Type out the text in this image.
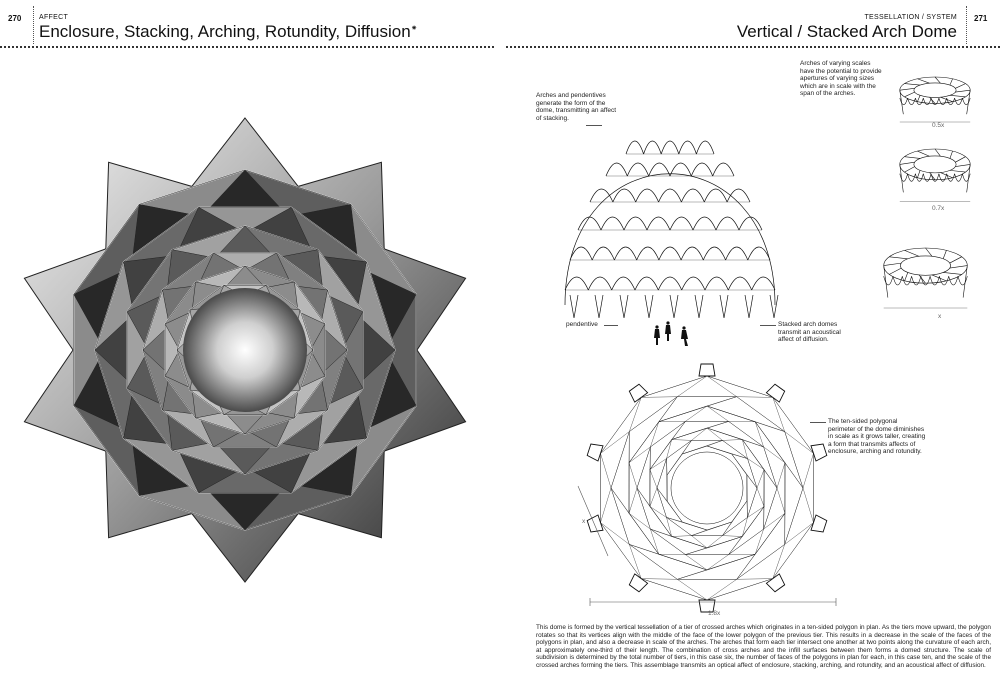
270	AFFECT
Enclosure, Stacking, Arching, Rotundity, Diffusion⁕
TESSELLATION / SYSTEM
Vertical / Stacked Arch Dome
271
0.5x
0.7x
x
1.8x
x
Arches and pendentives generate the form of the dome, transmitting an affect of stacking.
Arches of varying scales have the potential to provide apertures of varying sizes which are in scale with the span of the arches.
pendentive	Stacked arch domes transmit an acoustical affect of diffusion.
The ten-sided polygonal perimeter of the dome diminishes in scale as it grows taller, creating a form that transmits affects of enclosure, arching and rotundity.
This dome is formed by the vertical tessellation of a tier of crossed arches which originates in a ten-sided polygon in plan. As the tiers move upward, the polygon rotates so that its vertices align with the middle of the face of the lower polygon of the previous tier. This results in a decrease in the scale of the faces of the polygons in plan, and also a decrease in scale of the arches. The arches that form each tier intersect one another at two points along the curvature of each arch, at approximately one-third of their length. The combination of cross arches and the infill surfaces between them forms a domed structure. The scale of subdivision is determined by the total number of tiers, in this case six, the number of faces of the polygons in plan for each, in this case ten, and the scale of the crossed arches forming the tiers. This assemblage transmits an optical affect of enclosure, stacking, arching, and rotundity, and an acoustical affect of diffusion.
